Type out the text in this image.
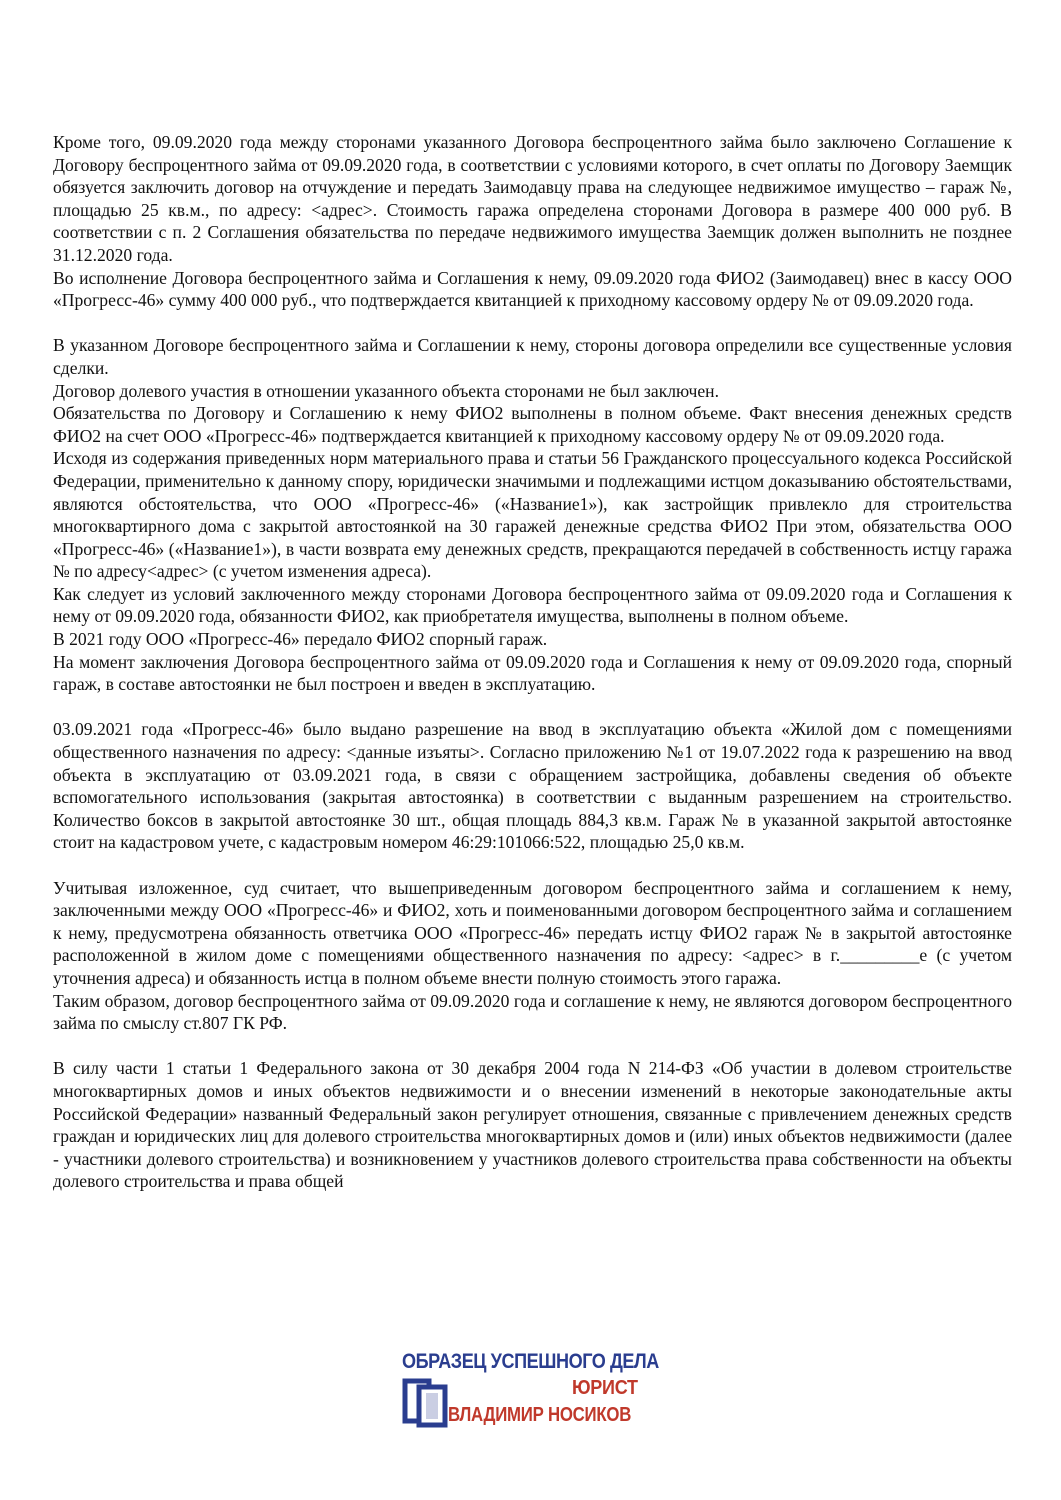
Кроме того, 09.09.2020 года между сторонами указанного Договора беспроцентного займа было заключено Соглашение к Договору беспроцентного займа от 09.09.2020 года, в соответствии с условиями которого, в счет оплаты по Договору Заемщик обязуется заключить договор на отчуждение и передать Заимодавцу права на следующее недвижимое имущество – гараж №, площадью 25 кв.м., по адресу: <адрес>. Стоимость гаража определена сторонами Договора в размере 400 000 руб. В соответствии с п. 2 Соглашения обязательства по передаче недвижимого имущества Заемщик должен выполнить не позднее 31.12.2020 года.

Во исполнение Договора беспроцентного займа и Соглашения к нему, 09.09.2020 года ФИО2 (Заимодавец) внес в кассу ООО «Прогресс-46» сумму 400 000 руб., что подтверждается квитанцией к приходному кассовому ордеру № от 09.09.2020 года.

В указанном Договоре беспроцентного займа и Соглашении к нему, стороны договора определили все существенные условия сделки.

Договор долевого участия в отношении указанного объекта сторонами не был заключен.

Обязательства по Договору и Соглашению к нему ФИО2 выполнены в полном объеме. Факт внесения денежных средств ФИО2 на счет ООО «Прогресс-46» подтверждается квитанцией к приходному кассовому ордеру № от 09.09.2020 года.

Исходя из содержания приведенных норм материального права и статьи 56 Гражданского процессуального кодекса Российской Федерации, применительно к данному спору, юридически значимыми и подлежащими истцом доказыванию обстоятельствами, являются обстоятельства, что ООО «Прогресс-46» («Название1»), как застройщик привлекло для строительства многоквартирного дома с закрытой автостоянкой на 30 гаражей денежные средства ФИО2 При этом, обязательства ООО «Прогресс-46» («Название1»), в части возврата ему денежных средств, прекращаются передачей в собственность истцу гаража № по адресу<адрес> (с учетом изменения адреса).

Как следует из условий заключенного между сторонами Договора беспроцентного займа от 09.09.2020 года и Соглашения к нему от 09.09.2020 года, обязанности ФИО2, как приобретателя имущества, выполнены в полном объеме.

В 2021 году ООО «Прогресс-46» передало ФИО2 спорный гараж.

На момент заключения Договора беспроцентного займа от 09.09.2020 года и Соглашения к нему от 09.09.2020 года, спорный гараж, в составе автостоянки не был построен и введен в эксплуатацию.

03.09.2021 года «Прогресс-46» было выдано разрешение на ввод в эксплуатацию объекта «Жилой дом с помещениями общественного назначения по адресу: <данные изъяты>. Согласно приложению №1 от 19.07.2022 года к разрешению на ввод объекта в эксплуатацию от 03.09.2021 года, в связи с обращением застройщика, добавлены сведения об объекте вспомогательного использования (закрытая автостоянка) в соответствии с выданным разрешением на строительство. Количество боксов в закрытой автостоянке 30 шт., общая площадь 884,3 кв.м. Гараж № в указанной закрытой автостоянке стоит на кадастровом учете, с кадастровым номером 46:29:101066:522, площадью 25,0 кв.м.

Учитывая изложенное, суд считает, что вышеприведенным договором беспроцентного займа и соглашением к нему, заключенными между ООО «Прогресс-46» и ФИО2, хоть и поименованными договором беспроцентного займа и соглашением к нему, предусмотрена обязанность ответчика ООО «Прогресс-46» передать истцу ФИО2 гараж № в закрытой автостоянке расположенной в жилом доме с помещениями общественного назначения по адресу: <адрес> в г._________е (с учетом уточнения адреса) и обязанность истца в полном объеме внести полную стоимость этого гаража.

Таким образом, договор беспроцентного займа от 09.09.2020 года и соглашение к нему, не являются договором беспроцентного займа по смыслу ст.807 ГК РФ.

В силу части 1 статьи 1 Федерального закона от 30 декабря 2004 года N 214-ФЗ «Об участии в долевом строительстве многоквартирных домов и иных объектов недвижимости и о внесении изменений в некоторые законодательные акты Российской Федерации» названный Федеральный закон регулирует отношения, связанные с привлечением денежных средств граждан и юридических лиц для долевого строительства многоквартирных домов и (или) иных объектов недвижимости (далее - участники долевого строительства) и возникновением у участников долевого строительства права собственности на объекты долевого строительства и права общей

ОБРАЗЕЦ УСПЕШНОГО ДЕЛА
ЮРИСТ
ВЛАДИМИР НОСИКОВ
